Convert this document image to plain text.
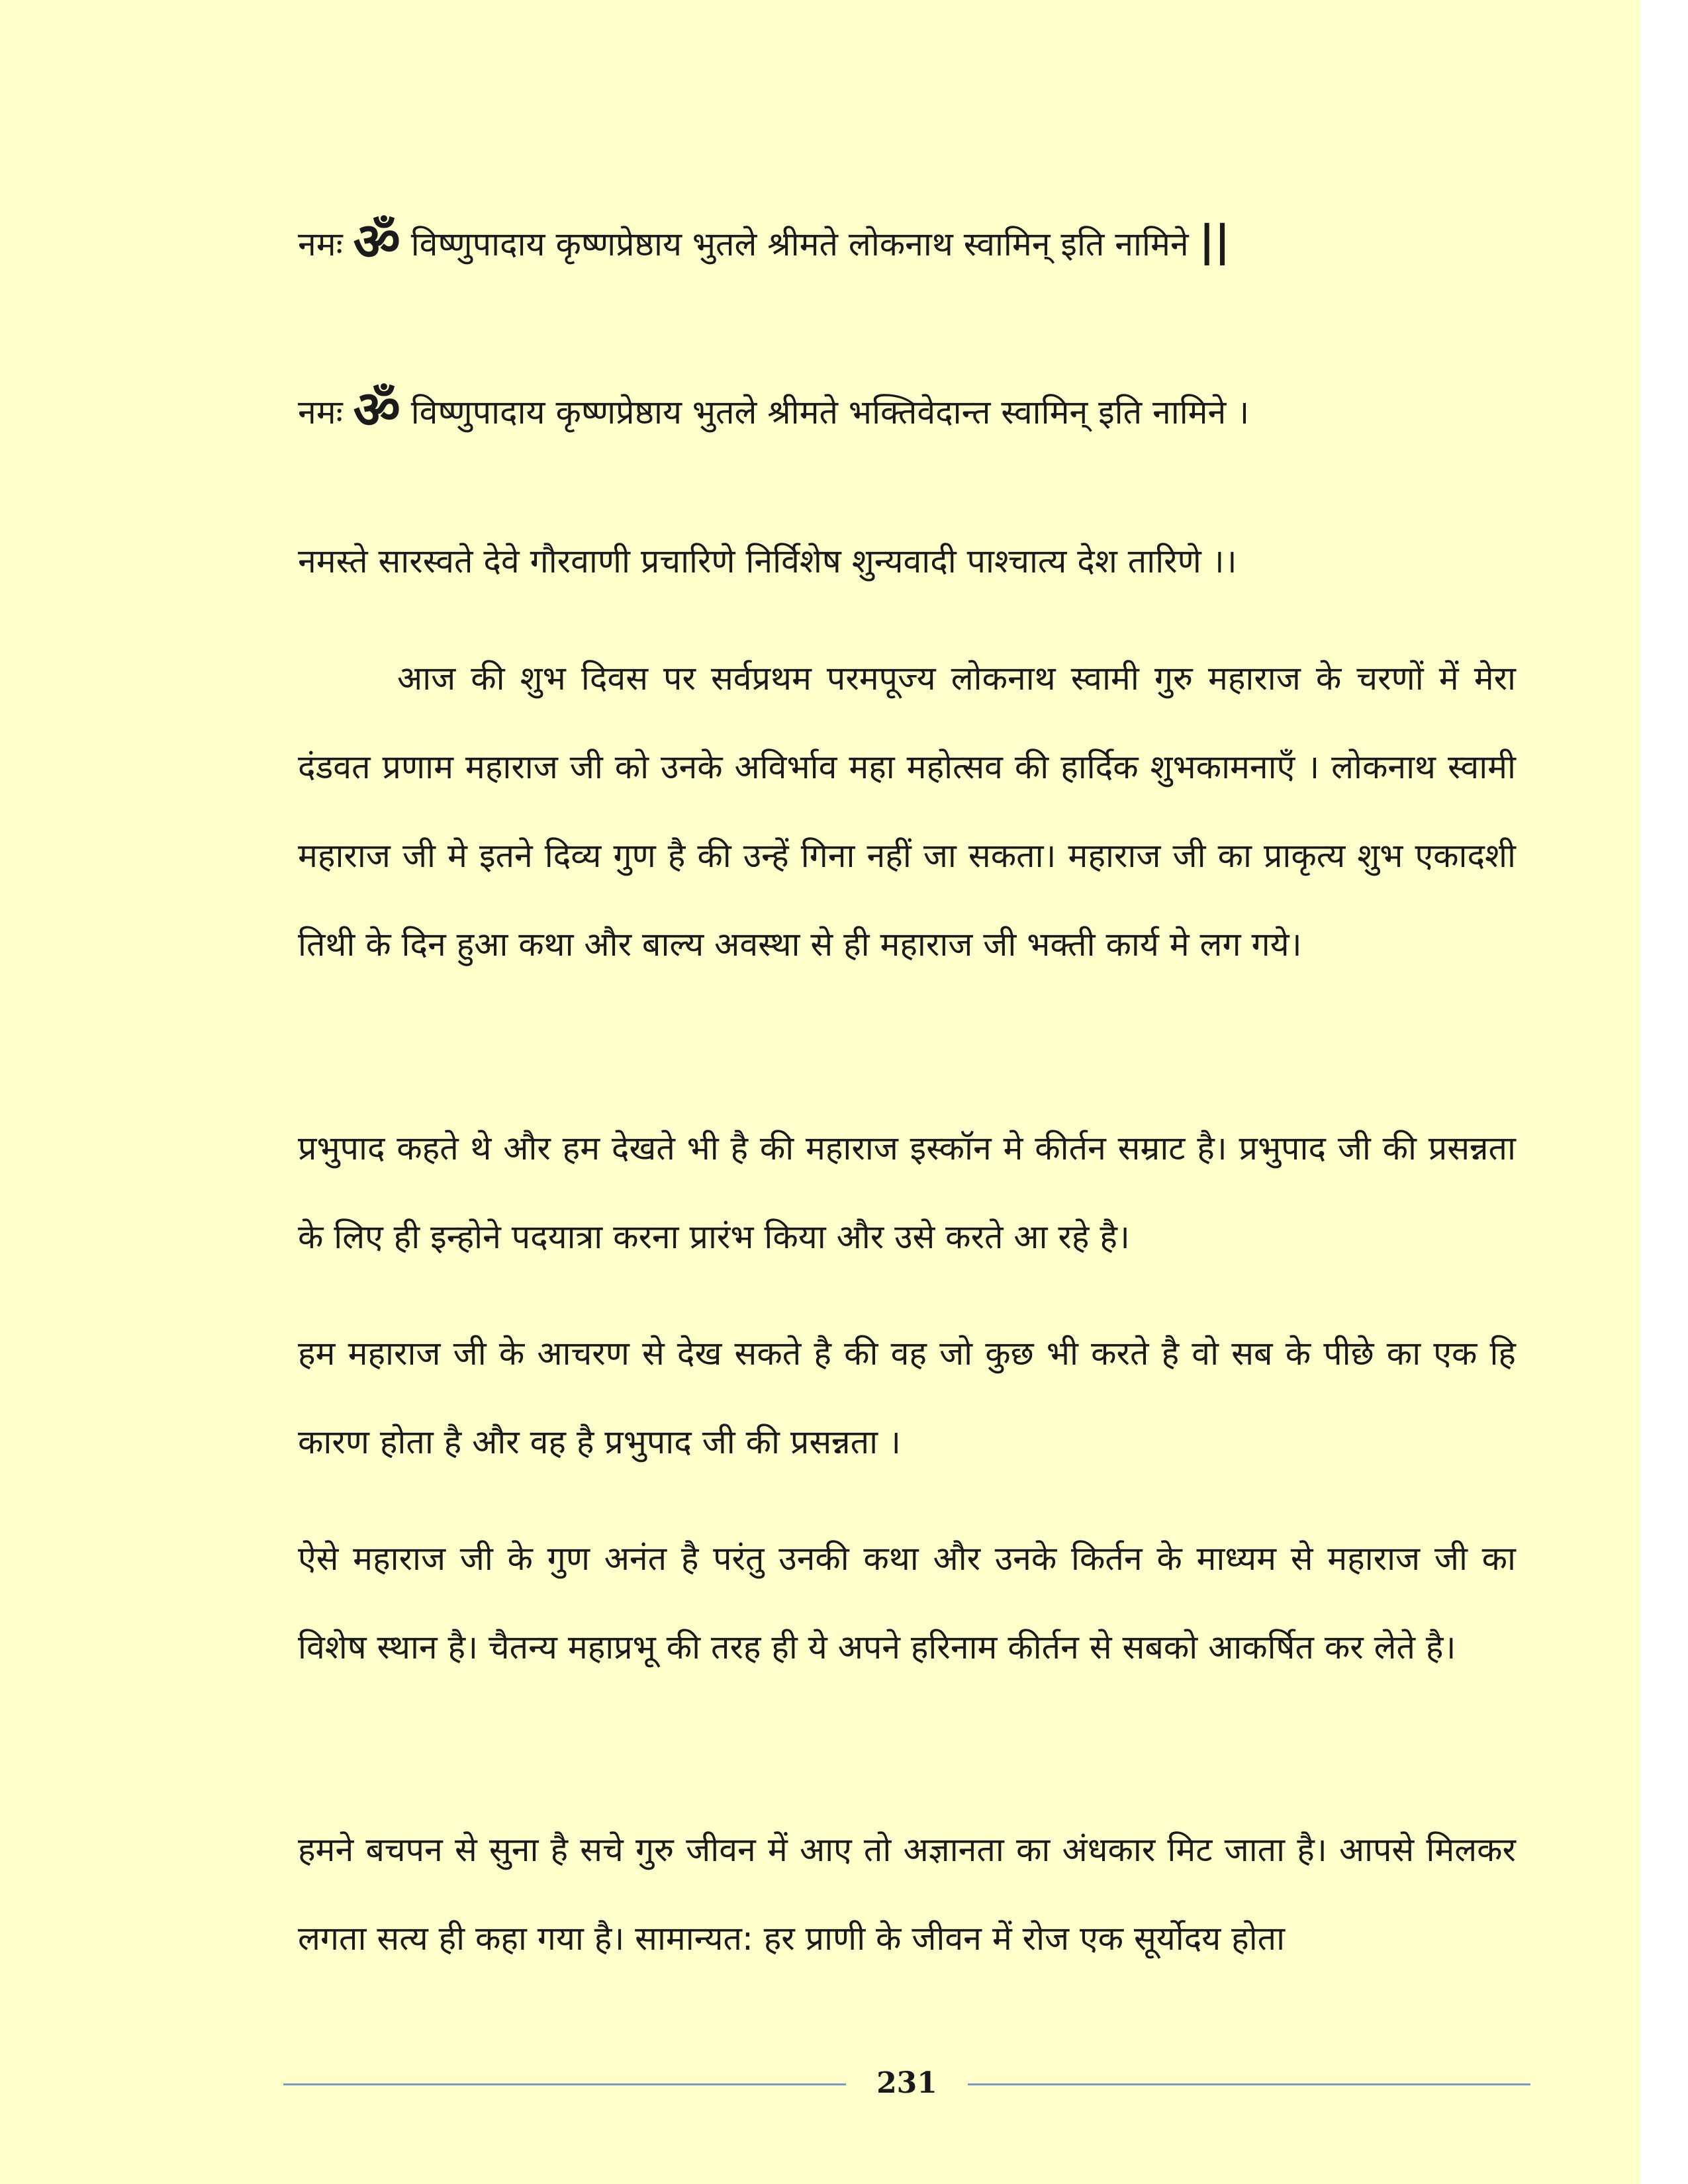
नमः ॐ विष्णुपादाय कृष्णप्रेष्ठाय भुतले श्रीमते लोकनाथ स्वामिन् इति नामिने ||
नमः ॐ विष्णुपादाय कृष्णप्रेष्ठाय भुतले श्रीमते भक्तिवेदान्त स्वामिन् इति नामिने ।
नमस्ते सारस्वते देवे गौरवाणी प्रचारिणे निर्विशेष शुन्यवादी पाश्चात्य देश तारिणे ।।

आज की शुभ दिवस पर सर्वप्रथम परमपूज्य लोकनाथ स्वामी गुरु महाराज के चरणों में मेरा दंडवत प्रणाम महाराज जी को उनके अविर्भाव महा महोत्सव की हार्दिक शुभकामनाएँ । लोकनाथ स्वामी महाराज जी मे इतने दिव्य गुण है की उन्हें गिना नहीं जा सकता। महाराज जी का प्राकृत्य शुभ एकादशी तिथी के दिन हुआ कथा और बाल्य अवस्था से ही महाराज जी भक्ती कार्य मे लग गये।

प्रभुपाद कहते थे और हम देखते भी है की महाराज इस्कॉन मे कीर्तन सम्राट है। प्रभुपाद जी की प्रसन्नता के लिए ही इन्होने पदयात्रा करना प्रारंभ किया और उसे करते आ रहे है।

हम महाराज जी के आचरण से देख सकते है की वह जो कुछ भी करते है वो सब के पीछे का एक हि कारण होता है और वह है प्रभुपाद जी की प्रसन्नता ।

ऐसे महाराज जी के गुण अनंत है परंतु उनकी कथा और उनके किर्तन के माध्यम से महाराज जी का विशेष स्थान है। चैतन्य महाप्रभू की तरह ही ये अपने हरिनाम कीर्तन से सबको आकर्षित कर लेते है।

हमने बचपन से सुना है सचे गुरु जीवन में आए तो अज्ञानता का अंधकार मिट जाता है। आपसे मिलकर लगता सत्य ही कहा गया है। सामान्यत: हर प्राणी के जीवन में रोज एक सूर्योदय होता

231
